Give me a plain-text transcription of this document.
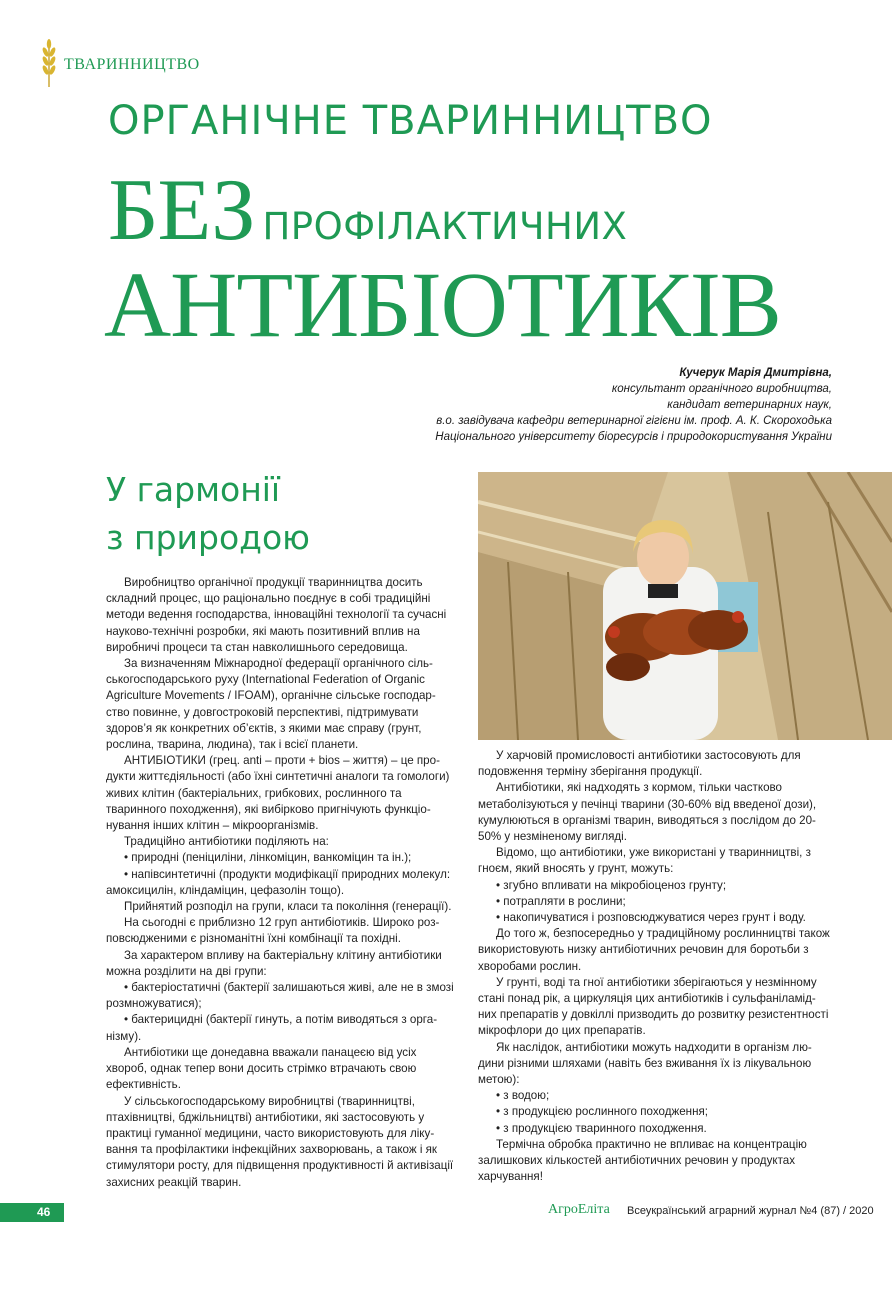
ТВАРИННИЦТВО
ОРГАНІЧНЕ ТВАРИННИЦТВО
БЕЗ ПРОФІЛАКТИЧНИХ
АНТИБІОТИКІВ
Кучерук Марія Дмитрівна,
консультант органічного виробництва,
кандидат ветеринарних наук,
в.о. завідувача кафедри ветеринарної гігієни ім. проф. А. К. Скороходька
Національного університету біоресурсів і природокористування України
У гармонії
з природою

Виробництво органічної продукції тваринництва досить складний процес, що раціонально поєднує в собі традиційні методи ведення господарства, інноваційні технології та сучасні науково-технічні розробки, які мають позитивний вплив на виробничі процеси та стан навколишнього середовища.

За визначенням Міжнародної федерації органічного сільськогосподарського руху (International Federation of Organic Agriculture Movements / IFOAM), органічне сільське господарство повинне, у довгостроковій перспективі, підтримувати здоров’я як конкретних об’єктів, з якими має справу (грунт, рослина, тварина, людина), так і всієї планети.

АНТИБІОТИКИ (грец. anti – проти + bios – життя) – це продукти життєдіяльності (або їхні синтетичні аналоги та гомологи) живих клітин (бактеріальних, грибкових, рослинного та тваринного походження), які вибірково пригнічують функціонування інших клітин – мікроорганізмів.

Традиційно антибіотики поділяють на:

• природні (пеніциліни, лінкоміцин, ванкоміцин та ін.);

• напівсинтетичні (продукти модифікації природних молекул: амоксицилін, кліндаміцин, цефазолін тощо).

Прийнятий розподіл на групи, класи та покоління (генерації).

На сьогодні є приблизно 12 груп антибіотиків. Широко розповсюдженими є різноманітні їхні комбінації та похідні.

За характером впливу на бактеріальну клітину антибіотики можна розділити на дві групи:

• бактеріостатичні (бактерії залишаються живі, але не в змозі розмножуватися);

• бактерицидні (бактерії гинуть, а потім виводяться з організму).

Антибіотики ще донедавна вважали панацеєю від усіх хвороб, однак тепер вони досить стрімко втрачають свою ефективність.

У сільськогосподарському виробництві (тваринництві, птахівництві, бджільництві) антибіотики, які застосовують у практиці гуманної медицини, часто використовують для лікування та профілактики інфекційних захворювань, а також і як стимулятори росту, для підвищення продуктивності й активізації захисних реакцій тварин.

У харчовій промисловості антибіотики застосовують для подовження терміну зберігання продукції.

Антибіотики, які надходять з кормом, тільки частково метаболізуються у печінці тварини (30-60% від введеної дози), кумулюються в організмі тварин, виводяться з послідом до 20-50% у незміненому вигляді.

Відомо, що антибіотики, уже використані у тваринництві, з гноєм, який вносять у грунт, можуть:

• згубно впливати на мікробіоценоз грунту;

• потрапляти в рослини;

• накопичуватися і розповсюджуватися через грунт і воду.

До того ж, безпосередньо у традиційному рослинництві також використовують низку антибіотичних речовин для боротьби з хворобами рослин.

У грунті, воді та гної антибіотики зберігаються у незмінному стані понад рік, а циркуляція цих антибіотиків і сульфаніламідних препаратів у довкіллі призводить до розвитку резистентності мікрофлори до цих препаратів.

Як наслідок, антибіотики можуть надходити в організм людини різними шляхами (навіть без вживання їх із лікувальною метою):

• з водою;

• з продукцією рослинного походження;

• з продукцією тваринного походження.

Термічна обробка практично не впливає на концентрацію залишкових кількостей антибіотичних речовин у продуктах харчування!

46	АгроЕліта Всеукраїнський аграрний журнал №4 (87) / 2020
